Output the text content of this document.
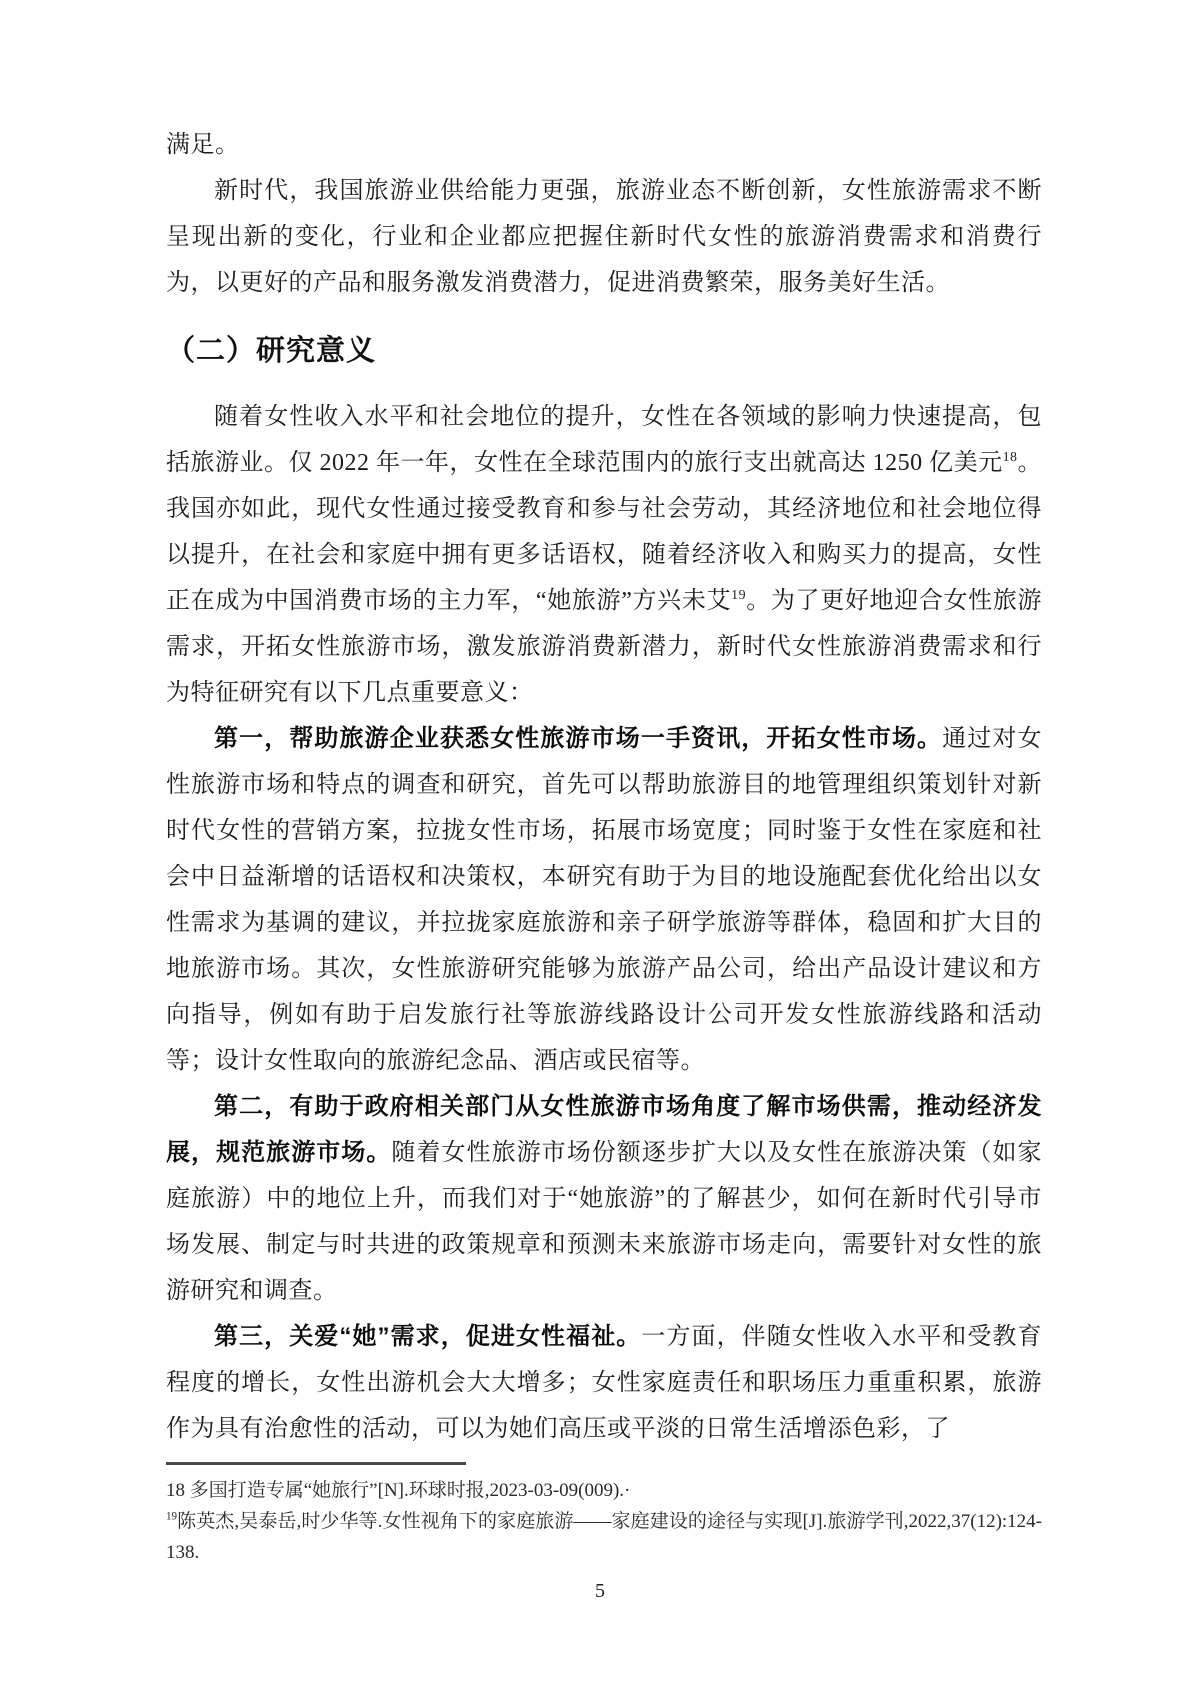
满足。

新时代，我国旅游业供给能力更强，旅游业态不断创新，女性旅游需求不断呈现出新的变化，行业和企业都应把握住新时代女性的旅游消费需求和消费行为，以更好的产品和服务激发消费潜力，促进消费繁荣，服务美好生活。

（二）研究意义

随着女性收入水平和社会地位的提升，女性在各领域的影响力快速提高，包括旅游业。仅 2022 年一年，女性在全球范围内的旅行支出就高达 1250 亿美元$^{18}$。我国亦如此，现代女性通过接受教育和参与社会劳动，其经济地位和社会地位得以提升，在社会和家庭中拥有更多话语权，随着经济收入和购买力的提高，女性正在成为中国消费市场的主力军，“她旅游”方兴未艾$^{19}$。为了更好地迎合女性旅游需求，开拓女性旅游市场，激发旅游消费新潜力，新时代女性旅游消费需求和行为特征研究有以下几点重要意义：

第一，帮助旅游企业获悉女性旅游市场一手资讯，开拓女性市场。通过对女性旅游市场和特点的调查和研究，首先可以帮助旅游目的地管理组织策划针对新时代女性的营销方案，拉拢女性市场，拓展市场宽度；同时鉴于女性在家庭和社会中日益渐增的话语权和决策权，本研究有助于为目的地设施配套优化给出以女性需求为基调的建议，并拉拢家庭旅游和亲子研学旅游等群体，稳固和扩大目的地旅游市场。其次，女性旅游研究能够为旅游产品公司，给出产品设计建议和方向指导，例如有助于启发旅行社等旅游线路设计公司开发女性旅游线路和活动等；设计女性取向的旅游纪念品、酒店或民宿等。

第二，有助于政府相关部门从女性旅游市场角度了解市场供需，推动经济发展，规范旅游市场。随着女性旅游市场份额逐步扩大以及女性在旅游决策（如家庭旅游）中的地位上升，而我们对于“她旅游”的了解甚少，如何在新时代引导市场发展、制定与时共进的政策规章和预测未来旅游市场走向，需要针对女性的旅游研究和调查。

第三，关爱“她”需求，促进女性福祉。一方面，伴随女性收入水平和受教育程度的增长，女性出游机会大大增多；女性家庭责任和职场压力重重积累，旅游作为具有治愈性的活动，可以为她们高压或平淡的日常生活增添色彩，了

18 多国打造专属“她旅行”[N].环球时报,2023-03-09(009).·

$^{19}$陈英杰,吴泰岳,时少华等.女性视角下的家庭旅游——家庭建设的途径与实现[J].旅游学刊,2022,37(12):124-138.

5
